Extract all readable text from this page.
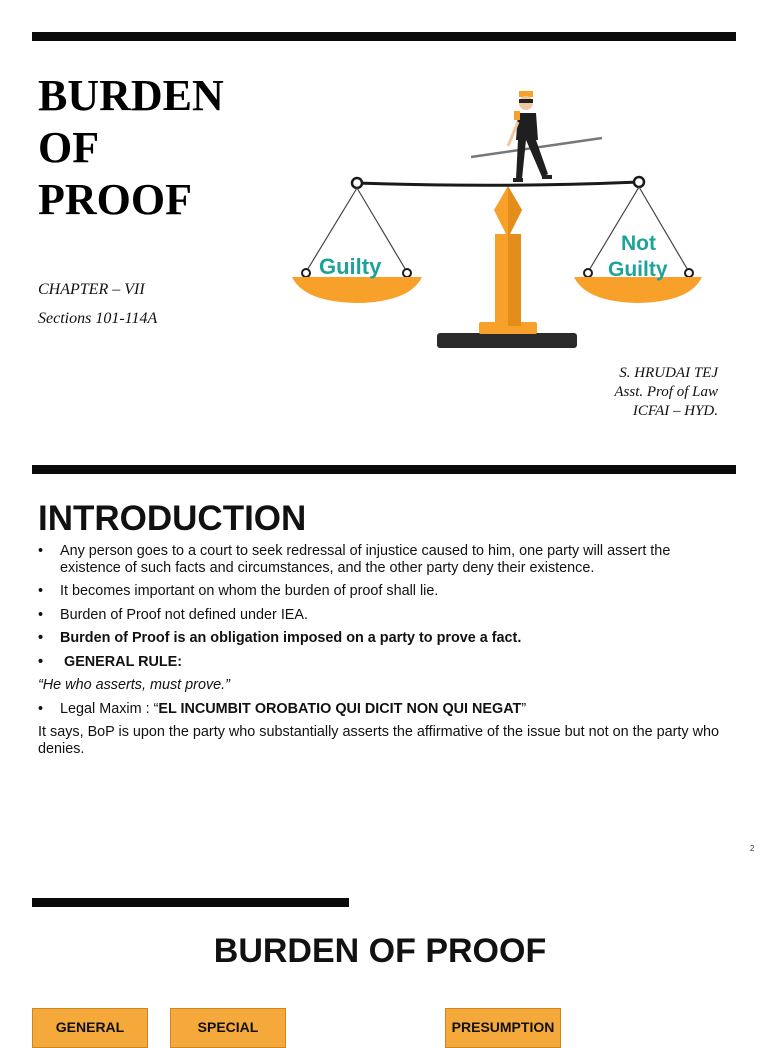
BURDEN
OF
PROOF
CHAPTER – VII
Sections 101-114A
Guilty
Not
Guilty
S. HRUDAI TEJ
Asst. Prof of Law
ICFAI – HYD.
INTRODUCTION
• Any person goes to a court to seek redressal of injustice caused to him, one party will assert the existence of such facts and circumstances, and the other party deny their existence.
• It becomes important on whom the burden of proof shall lie.
• Burden of Proof not defined under IEA.
• Burden of Proof is an obligation imposed on a party to prove a fact.
•  GENERAL RULE:
“He who asserts, must prove.”
• Legal Maxim : “EL INCUMBIT OROBATIO QUI DICIT NON QUI NEGAT”
It says, BoP is upon the party who substantially asserts the affirmative of the issue but not on the party who denies.
2
BURDEN OF PROOF
GENERAL	SPECIAL	PRESUMPTION
